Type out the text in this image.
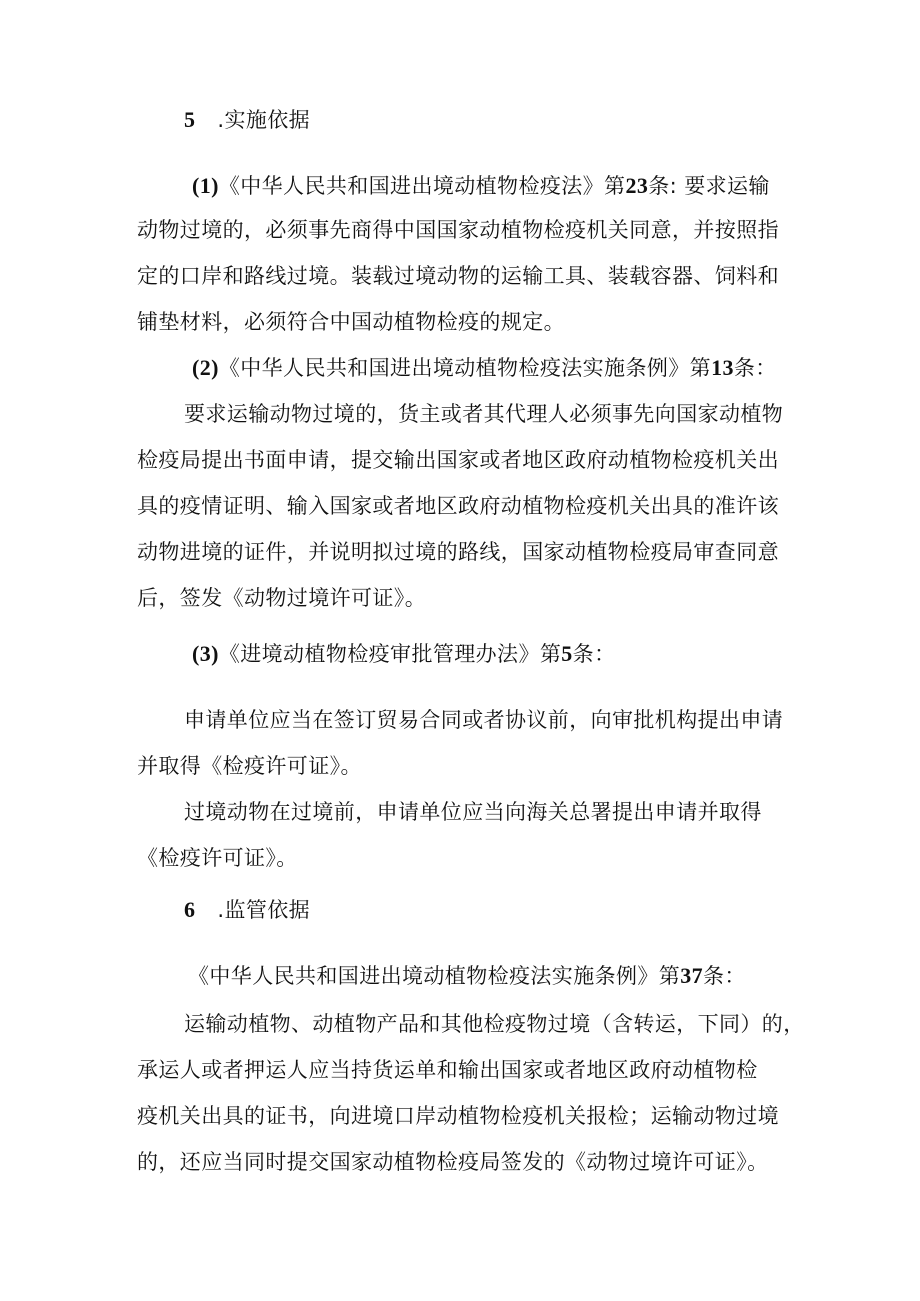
5 .实施依据
(1)《中华人民共和国进出境动植物检疫法》第23条: 要求运输
动物过境的，必须事先商得中国国家动植物检疫机关同意，并按照指
定的口岸和路线过境。装载过境动物的运输工具、装载容器、饲料和
铺垫材料，必须符合中国动植物检疫的规定。
(2)《中华人民共和国进出境动植物检疫法实施条例》第13条：
要求运输动物过境的，货主或者其代理人必须事先向国家动植物
检疫局提出书面申请，提交输出国家或者地区政府动植物检疫机关出
具的疫情证明、输入国家或者地区政府动植物检疫机关出具的准许该
动物进境的证件，并说明拟过境的路线，国家动植物检疫局审查同意
后，签发《动物过境许可证》。
(3)《进境动植物检疫审批管理办法》第5条：
申请单位应当在签订贸易合同或者协议前，向审批机构提出申请
并取得《检疫许可证》。
过境动物在过境前，申请单位应当向海关总署提出申请并取得
《检疫许可证》。
6 .监管依据
《中华人民共和国进出境动植物检疫法实施条例》第37条：
运输动植物、动植物产品和其他检疫物过境（含转运，下同）的，
承运人或者押运人应当持货运单和输出国家或者地区政府动植物检
疫机关出具的证书，向进境口岸动植物检疫机关报检；运输动物过境
的，还应当同时提交国家动植物检疫局签发的《动物过境许可证》。
